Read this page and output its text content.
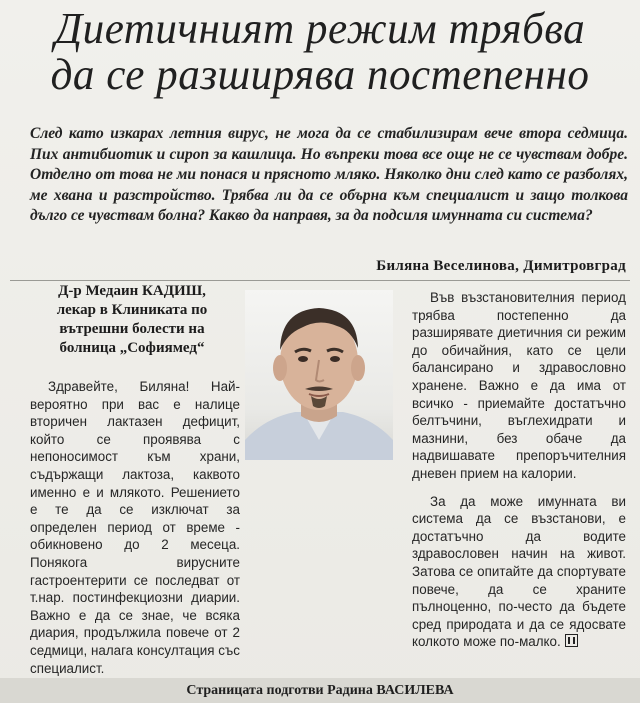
Диетичният режим трябва
да се разширява постепенно
След като изкарах летния вирус, не мога да се стабилизирам вече втора седмица. Пих антибиотик и сироп за кашлица. Но въпреки това все още не се чувствам добре. Отделно от това не ми понася и прясното мляко. Няколко дни след като се разболях, ме хвана и разстройство. Трябва ли да се обърна към специалист и защо толкова дълго се чувствам болна? Какво да направя, за да подсиля имунната си система?
Биляна Веселинова, Димитровград
Д-р Медаин КАДИШ,
лекар в Клиниката по
вътрешни болести на
болница „Софиямед“

Здравейте, Биляна! Най-вероятно при вас е налице вторичен лактазен дефицит, който се проявява с непоносимост към храни, съдържащи лактоза, каквото именно е и млякото. Решението е те да се изключат за определен период от време - обикновено до 2 месеца. Понякога вирусните гастроентерити се последват от т.нар. постинфекциозни диарии. Важно е да се знае, че всяка диария, продължила повече от 2 седмици, налага консултация със специалист.

Във възстановителния период трябва постепенно да разширявате диетичния си режим до обичайния, като се цели балансирано и здравословно хранене. Важно е да има от всичко - приемайте достатъчно белтъчини, въглехидрати и мазнини, без обаче да надвишавате препоръчителния дневен прием на калории.

За да може имунната ви система да се възстанови, е достатъчно да водите здравословен начин на живот. Затова се опитайте да спортувате повече, да се храните пълноценно, по-често да бъдете сред природата и да се ядосвате колкото може по-малко.

Страницата подготви Радина ВАСИЛЕВА
